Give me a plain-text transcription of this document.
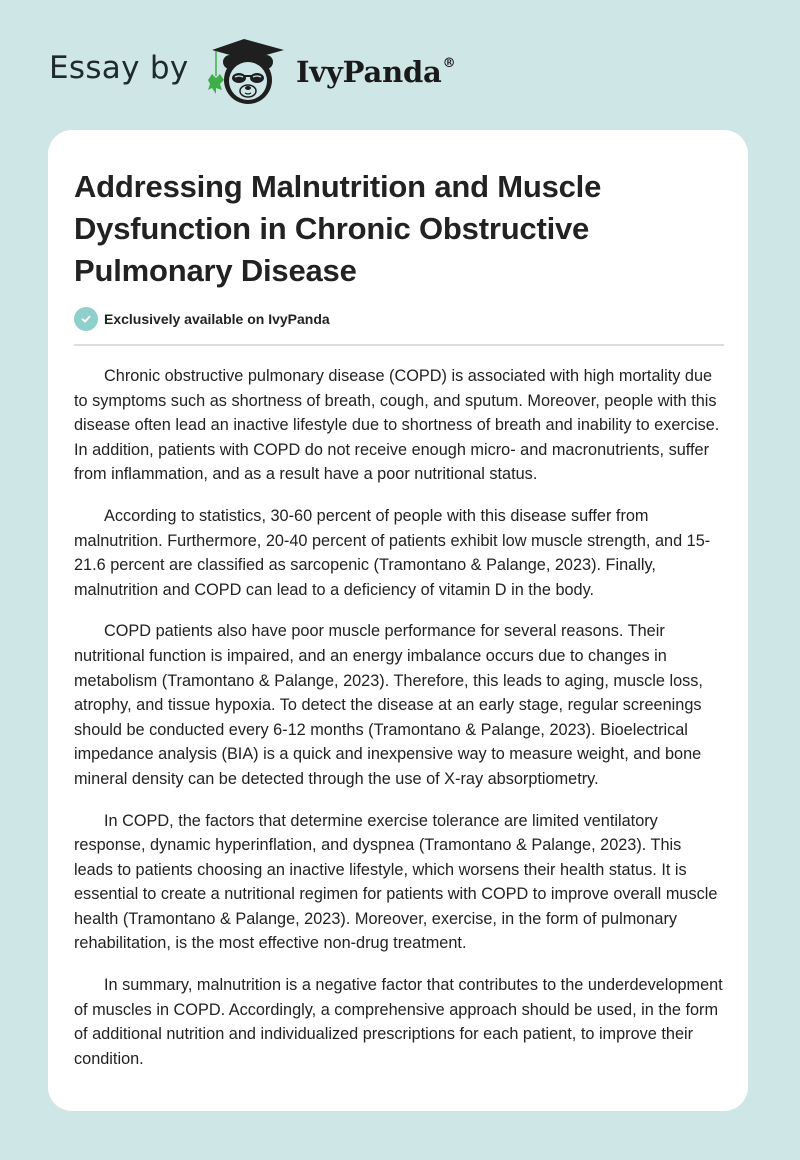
Essay by	IvyPanda®
Addressing Malnutrition and Muscle Dysfunction in Chronic Obstructive Pulmonary Disease
Exclusively available on IvyPanda

Chronic obstructive pulmonary disease (COPD) is associated with high mortality due to symptoms such as shortness of breath, cough, and sputum. Moreover, people with this disease often lead an inactive lifestyle due to shortness of breath and inability to exercise. In addition, patients with COPD do not receive enough micro- and macronutrients, suffer from inflammation, and as a result have a poor nutritional status.

According to statistics, 30-60 percent of people with this disease suffer from malnutrition. Furthermore, 20-40 percent of patients exhibit low muscle strength, and 15-21.6 percent are classified as sarcopenic (Tramontano & Palange, 2023). Finally, malnutrition and COPD can lead to a deficiency of vitamin D in the body.

COPD patients also have poor muscle performance for several reasons. Their nutritional function is impaired, and an energy imbalance occurs due to changes in metabolism (Tramontano & Palange, 2023). Therefore, this leads to aging, muscle loss, atrophy, and tissue hypoxia. To detect the disease at an early stage, regular screenings should be conducted every 6-12 months (Tramontano & Palange, 2023). Bioelectrical impedance analysis (BIA) is a quick and inexpensive way to measure weight, and bone mineral density can be detected through the use of X-ray absorptiometry.

In COPD, the factors that determine exercise tolerance are limited ventilatory response, dynamic hyperinflation, and dyspnea (Tramontano & Palange, 2023). This leads to patients choosing an inactive lifestyle, which worsens their health status. It is essential to create a nutritional regimen for patients with COPD to improve overall muscle health (Tramontano & Palange, 2023). Moreover, exercise, in the form of pulmonary rehabilitation, is the most effective non-drug treatment.

In summary, malnutrition is a negative factor that contributes to the underdevelopment of muscles in COPD. Accordingly, a comprehensive approach should be used, in the form of additional nutrition and individualized prescriptions for each patient, to improve their condition.
